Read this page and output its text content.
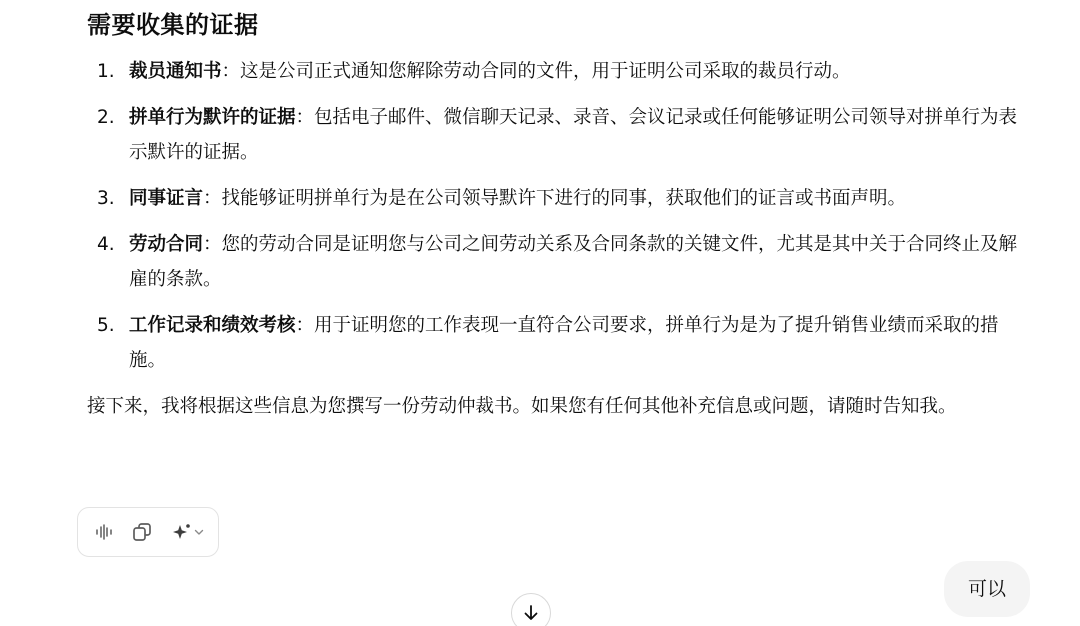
需要收集的证据
1. 裁员通知书：这是公司正式通知您解除劳动合同的文件，用于证明公司采取的裁员行动。
2. 拼单行为默许的证据：包括电子邮件、微信聊天记录、录音、会议记录或任何能够证明公司领导对拼单行为表示默许的证据。
3. 同事证言：找能够证明拼单行为是在公司领导默许下进行的同事，获取他们的证言或书面声明。
4. 劳动合同：您的劳动合同是证明您与公司之间劳动关系及合同条款的关键文件，尤其是其中关于合同终止及解雇的条款。
5. 工作记录和绩效考核：用于证明您的工作表现一直符合公司要求，拼单行为是为了提升销售业绩而采取的措施。
接下来，我将根据这些信息为您撰写一份劳动仲裁书。如果您有任何其他补充信息或问题，请随时告知我。
可以
